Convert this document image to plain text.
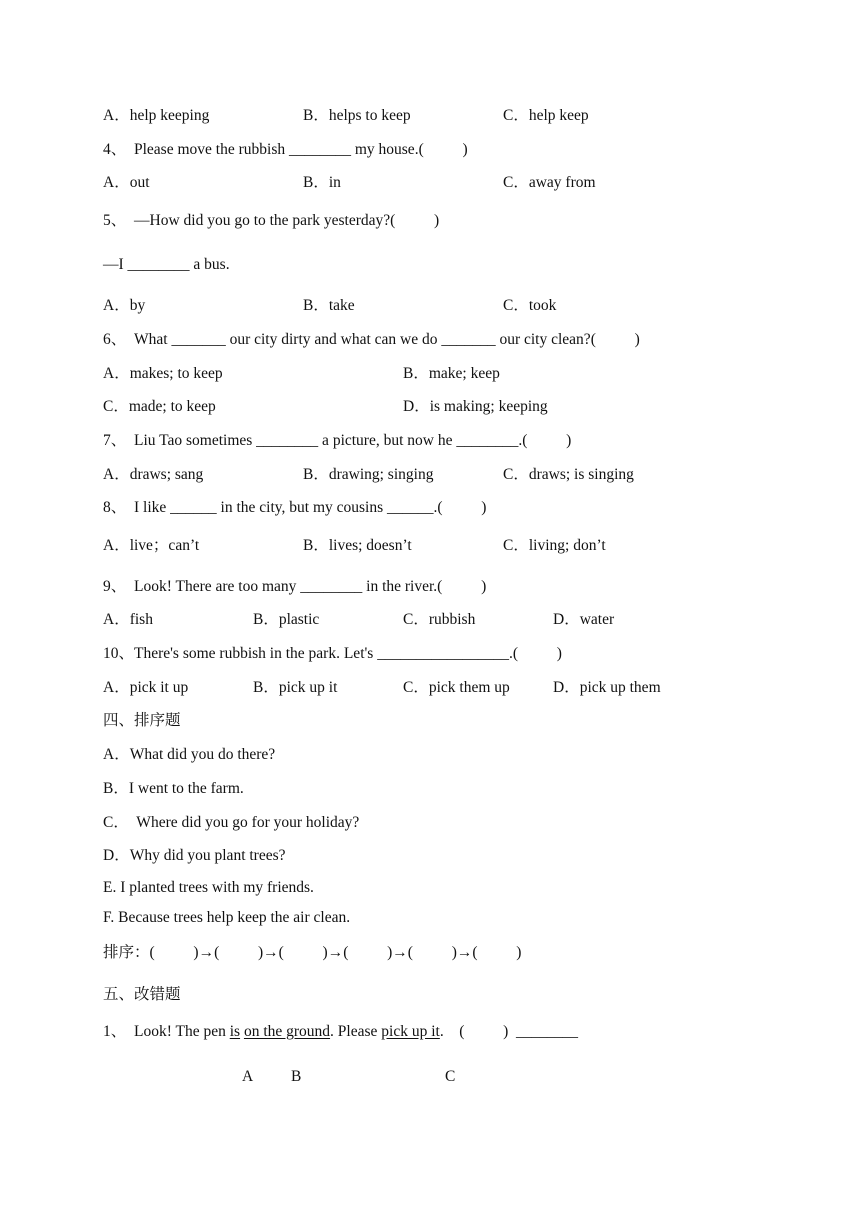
A．help keeping	B．helps to keep	C．help keep
4、  Please move the rubbish ________ my house.(          )
A．out	B．in	C．away from
5、  —How did you go to the park yesterday?(          )
—I ________ a bus.
A．by	B．take	C．took
6、  What _______ our city dirty and what can we do _______ our city clean?(          )
A．makes; to keep	B．make; keep
C．made; to keep	D．is making; keeping
7、  Liu Tao sometimes ________ a picture, but now he ________.(          )
A．draws; sang	B．drawing; singing	C．draws; is singing
8、  I like ______ in the city, but my cousins ______.(          )
A．live；can’t	B．lives; doesn’t	C．living; don’t
9、  Look! There are too many ________ in the river.(          )
A．fish	B．plastic	C．rubbish	D．water
10、There's some rubbish in the park. Let's _________________.(          )
A．pick it up	B．pick up it	C．pick them up	D．pick up them
四、排序题
A．What did you do there?
B．I went to the farm.
C．  Where did you go for your holiday?
D．Why did you plant trees?
E. I planted trees with my friends.
F. Because trees help keep the air clean.
排序：(          )→(          )→(          )→(          )→(          )→(          )
五、改错题
1、  Look! The pen is on the ground. Please pick up it.    (          )  ________
A B	C
